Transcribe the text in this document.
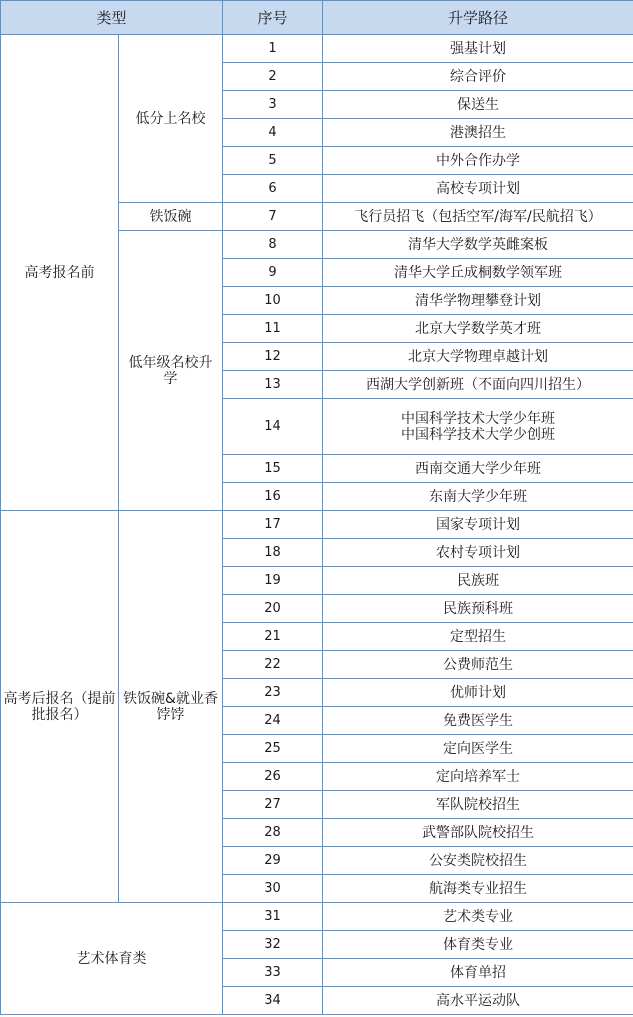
类型		序号	升学路径
高考报名前	低分上名校	1	强基计划
		2	综合评价
		3	保送生
		4	港澳招生
		5	中外合作办学
		6	高校专项计划
	铁饭碗	7	飞行员招飞（包括空军/海军/民航招飞）
	低年级名校升学	8	清华大学数学英雌案板
		9	清华大学丘成桐数学领军班
		10	清华学物理攀登计划
		11	北京大学数学英才班
		12	北京大学物理卓越计划
		13	西湖大学创新班（不面向四川招生）
		14	中国科学技术大学少年班
中国科学技术大学少创班

		15	西南交通大学少年班
		16	东南大学少年班
高考后报名（提前批报名）	铁饭碗&就业香饽饽	17	国家专项计划
		18	农村专项计划
		19	民族班
		20	民族预科班
		21	定型招生
		22	公费师范生
		23	优师计划
		24	免费医学生
		25	定向医学生
		26	定向培养军士
		27	军队院校招生
		28	武警部队院校招生
		29	公安类院校招生
		30	航海类专业招生
艺术体育类		31	艺术类专业
		32	体育类专业
		33	体育单招
		34	高水平运动队
